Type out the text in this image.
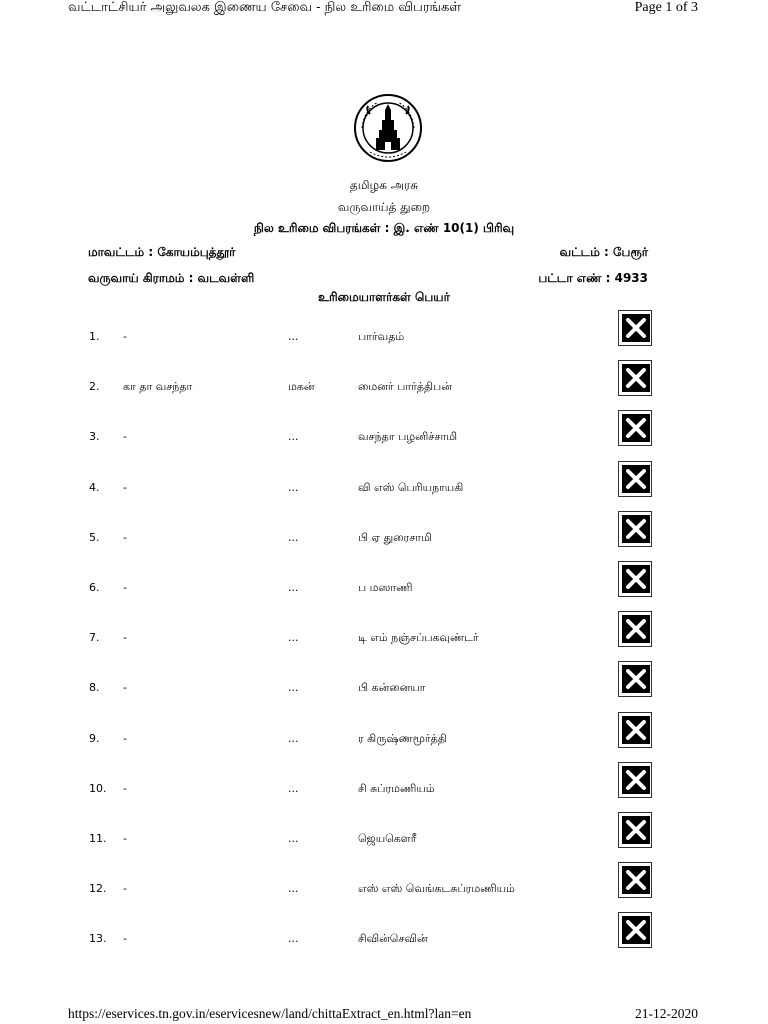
வட்டாட்சியர் அலுவலக இணைய சேவை - நில உரிமை விபரங்கள்	Page 1 of 3
தமிழக அரசு
வருவாய்த் துறை
நில உரிமை விபரங்கள் : இ. எண் 10(1) பிரிவு
மாவட்டம் : கோயம்புத்தூர்	வட்டம் : பேரூர்
வருவாய் கிராமம் : வடவள்ளி	பட்டா எண் : 4933
உரிமையாளர்கள் பெயர்
1. -	...	பார்வதம்
2. கா தா வசந்தா	மகன்	மைனர் பார்த்திபன்
3. -	...	வசந்தா பழனிச்சாமி
4. -	...	வி எஸ் பெரியநாயகி
5. -	...	பி ஏ துரைசாமி
6. -	...	ப மஸாணி
7. -	...	டி எம் நஞ்சப்பகவுண்டர்
8. -	...	பி கன்னையா
9. -	...	ர கிருஷ்ணமூர்த்தி
10. -	...	சி சுப்ரமணியம்
11. -	...	ஜெயகௌரீ
12. -	...	எஸ் எஸ் வெங்கடசுப்ரமணியம்
13. -	...	சிவின்செவின்
https://eservices.tn.gov.in/eservicesnew/land/chittaExtract_en.html?lan=en	21-12-2020
